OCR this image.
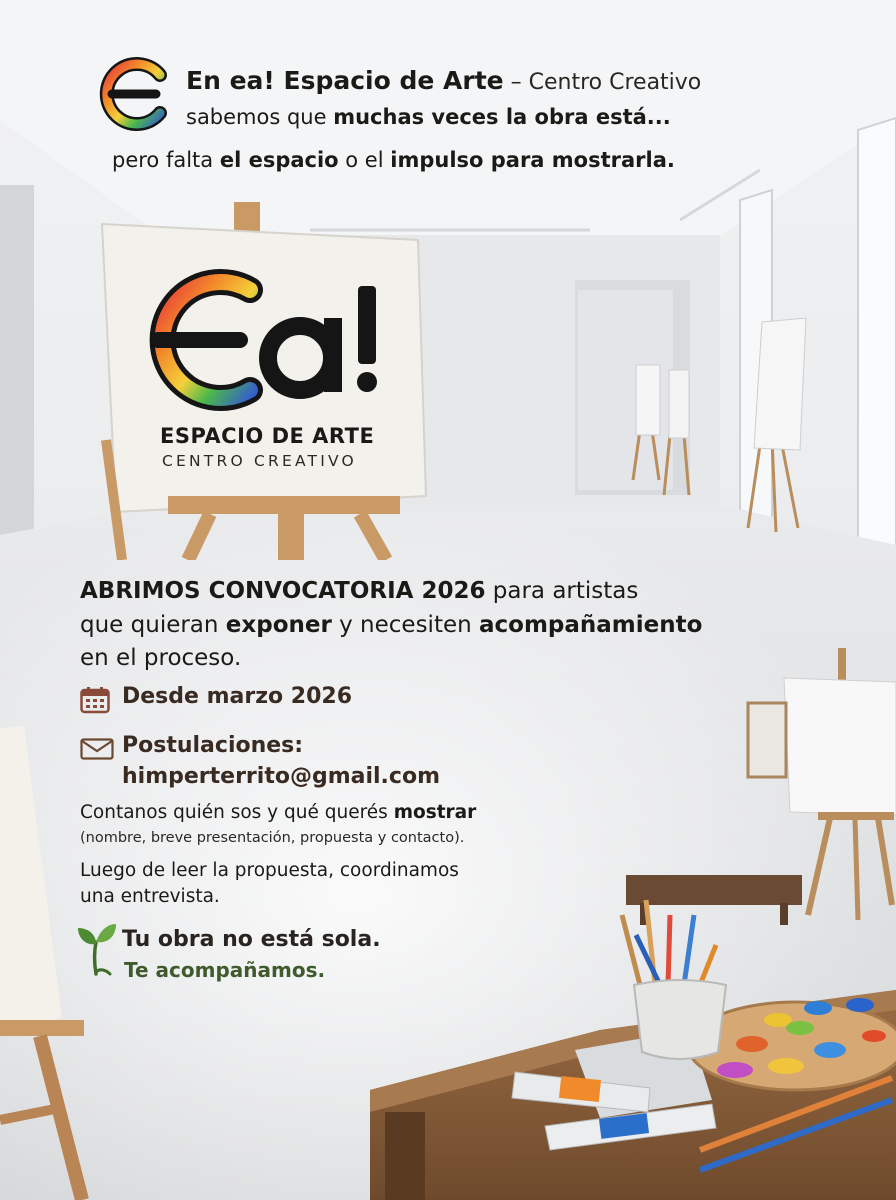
En ea! Espacio de Arte – Centro Creativo
sabemos que muchas veces la obra está...
pero falta el espacio o el impulso para mostrarla.
ESPACIO DE ARTE
CENTRO CREATIVO
ABRIMOS CONVOCATORIA 2026 para artistas
que quieran exponer y necesiten acompañamiento
en el proceso.
Desde marzo 2026
Postulaciones:
himperterrito@gmail.com
Contanos quién sos y qué querés mostrar
(nombre, breve presentación, propuesta y contacto).
Luego de leer la propuesta, coordinamos
una entrevista.
Tu obra no está sola.
Te acompañamos.
